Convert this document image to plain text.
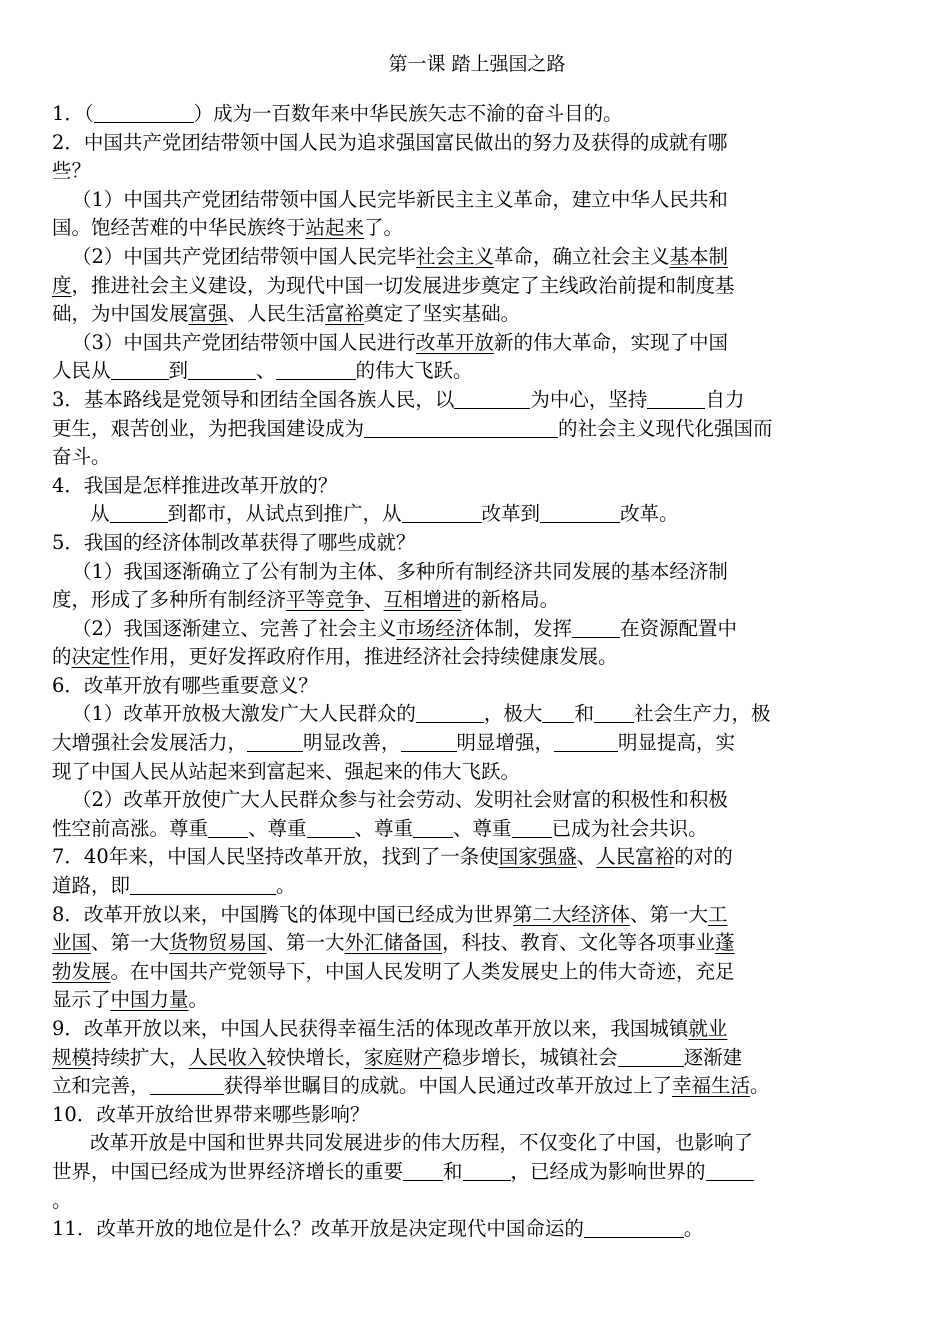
第一课 踏上强国之路
1．（	）成为一百数年来中华民族矢志不渝的奋斗目的。
2．中国共产党团结带领中国人民为追求强国富民做出的努力及获得的成就有哪
些？
（1）中国共产党团结带领中国人民完毕新民主主义革命，建立中华人民共和
国。饱经苦难的中华民族终于站起来了。
（2）中国共产党团结带领中国人民完毕社会主义革命，确立社会主义基本制
度，推进社会主义建设，为现代中国一切发展进步奠定了主线政治前提和制度基
础，为中国发展富强、人民生活富裕奠定了坚实基础。
（3）中国共产党团结带领中国人民进行改革开放新的伟大革命，实现了中国
人民从	到	、	的伟大飞跃。
3．基本路线是党领导和团结全国各族人民，以	为中心，坚持	自力
更生，艰苦创业，为把我国建设成为	的社会主义现代化强国而
奋斗。
4．我国是怎样推进改革开放的？
从	到都市，从试点到推广，从	改革到	改革。
5．我国的经济体制改革获得了哪些成就？
（1）我国逐渐确立了公有制为主体、多种所有制经济共同发展的基本经济制
度，形成了多种所有制经济平等竞争、互相增进的新格局。
（2）我国逐渐建立、完善了社会主义市场经济体制，发挥 在资源配置中
的决定性作用，更好发挥政府作用，推进经济社会持续健康发展。
6．改革开放有哪些重要意义？
（1）改革开放极大激发广大人民群众的	，极大 和 社会生产力，极
大增强社会发展活力，	明显改善，	明显增强，	明显提高，实
现了中国人民从站起来到富起来、强起来的伟大飞跃。
（2）改革开放使广大人民群众参与社会劳动、发明社会财富的积极性和积极
性空前高涨。尊重 、尊重 、尊重 、尊重 已成为社会共识。
7．40年来，中国人民坚持改革开放，找到了一条使国家强盛、人民富裕的对的
道路，即	。
8．改革开放以来，中国腾飞的体现中国已经成为世界第二大经济体、第一大工
业国、第一大货物贸易国、第一大外汇储备国，科技、教育、文化等各项事业蓬
勃发展。在中国共产党领导下，中国人民发明了人类发展史上的伟大奇迹，充足
显示了中国力量。
9．改革开放以来，中国人民获得幸福生活的体现改革开放以来，我国城镇就业
规模持续扩大，人民收入较快增长，家庭财产稳步增长，城镇社会	逐渐建
立和完善，	获得举世瞩目的成就。中国人民通过改革开放过上了幸福生活。
10．改革开放给世界带来哪些影响？
改革开放是中国和世界共同发展进步的伟大历程，不仅变化了中国，也影响了
世界，中国已经成为世界经济增长的重要 和 ，已经成为影响世界的
。
11．改革开放的地位是什么？改革开放是决定现代中国命运的	。
